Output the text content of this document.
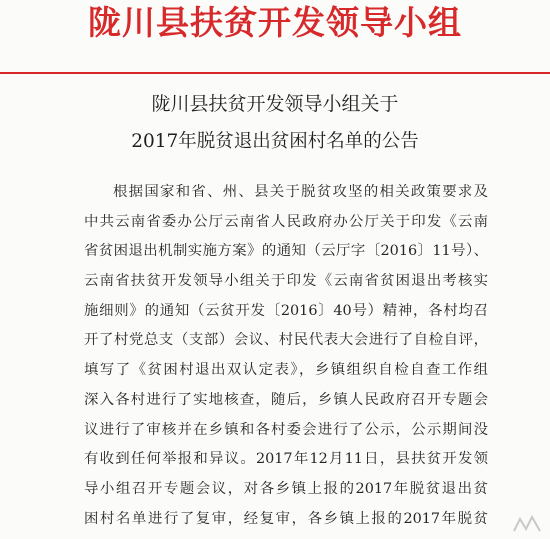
陇川县扶贫开发领导小组
陇川县扶贫开发领导小组关于
2017年脱贫退出贫困村名单的公告
根据国家和省、州、县关于脱贫攻坚的相关政策要求及
中共云南省委办公厅云南省人民政府办公厅关于印发《云南
省贫困退出机制实施方案》的通知（云厅字〔2016〕11号）、
云南省扶贫开发领导小组关于印发《云南省贫困退出考核实
施细则》的通知（云贫开发〔2016〕40号）精神，各村均召
开了村党总支（支部）会议、村民代表大会进行了自检自评，
填写了《贫困村退出双认定表》，乡镇组织自检自查工作组
深入各村进行了实地核查，随后，乡镇人民政府召开专题会
议进行了审核并在乡镇和各村委会进行了公示，公示期间没
有收到任何举报和异议。2017年12月11日，县扶贫开发领
导小组召开专题会议，对各乡镇上报的2017年脱贫退出贫
困村名单进行了复审，经复审，各乡镇上报的2017年脱贫
